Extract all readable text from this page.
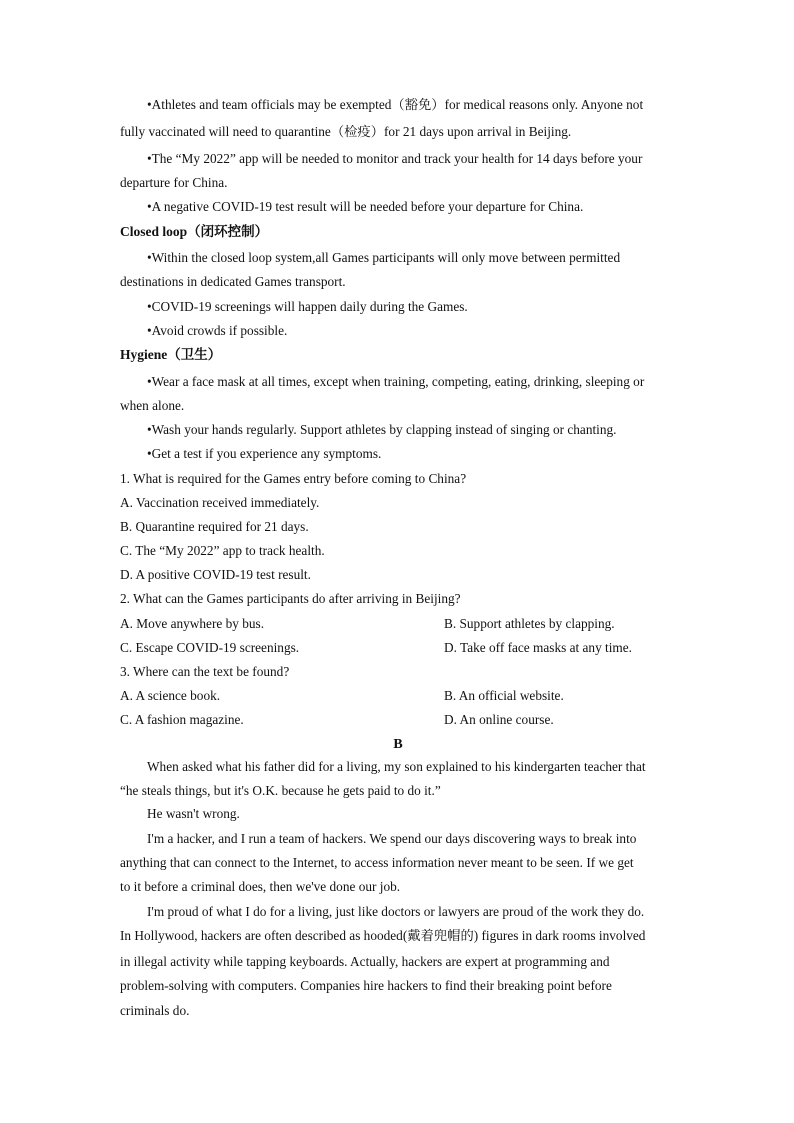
•Athletes and team officials may be exempted（豁免）for medical reasons only. Anyone not
fully vaccinated will need to quarantine（检疫）for 21 days upon arrival in Beijing.
•The “My 2022” app will be needed to monitor and track your health for 14 days before your
departure for China.
•A negative COVID-19 test result will be needed before your departure for China.
Closed loop（闭环控制）
•Within the closed loop system,all Games participants will only move between permitted
destinations in dedicated Games transport.
•COVID-19 screenings will happen daily during the Games.
•Avoid crowds if possible.
Hygiene（卫生）
•Wear a face mask at all times, except when training, competing, eating, drinking, sleeping or
when alone.
•Wash your hands regularly. Support athletes by clapping instead of singing or chanting.
•Get a test if you experience any symptoms.
1. What is required for the Games entry before coming to China?
A. Vaccination received immediately.
B. Quarantine required for 21 days.
C. The “My 2022” app to track health.
D. A positive COVID-19 test result.
2. What can the Games participants do after arriving in Beijing?
A. Move anywhere by bus.	B. Support athletes by clapping.
C. Escape COVID-19 screenings.	D. Take off face masks at any time.
3. Where can the text be found?
A. A science book.	B. An official website.
C. A fashion magazine.	D. An online course.
B
When asked what his father did for a living, my son explained to his kindergarten teacher that
“he steals things, but it's O.K. because he gets paid to do it.”
He wasn't wrong.
I'm a hacker, and I run a team of hackers. We spend our days discovering ways to break into
anything that can connect to the Internet, to access information never meant to be seen. If we get
to it before a criminal does, then we've done our job.
I'm proud of what I do for a living, just like doctors or lawyers are proud of the work they do.
In Hollywood, hackers are often described as hooded(戴着兜帽的) figures in dark rooms involved
in illegal activity while tapping keyboards. Actually, hackers are expert at programming and
problem-solving with computers. Companies hire hackers to find their breaking point before
criminals do.
